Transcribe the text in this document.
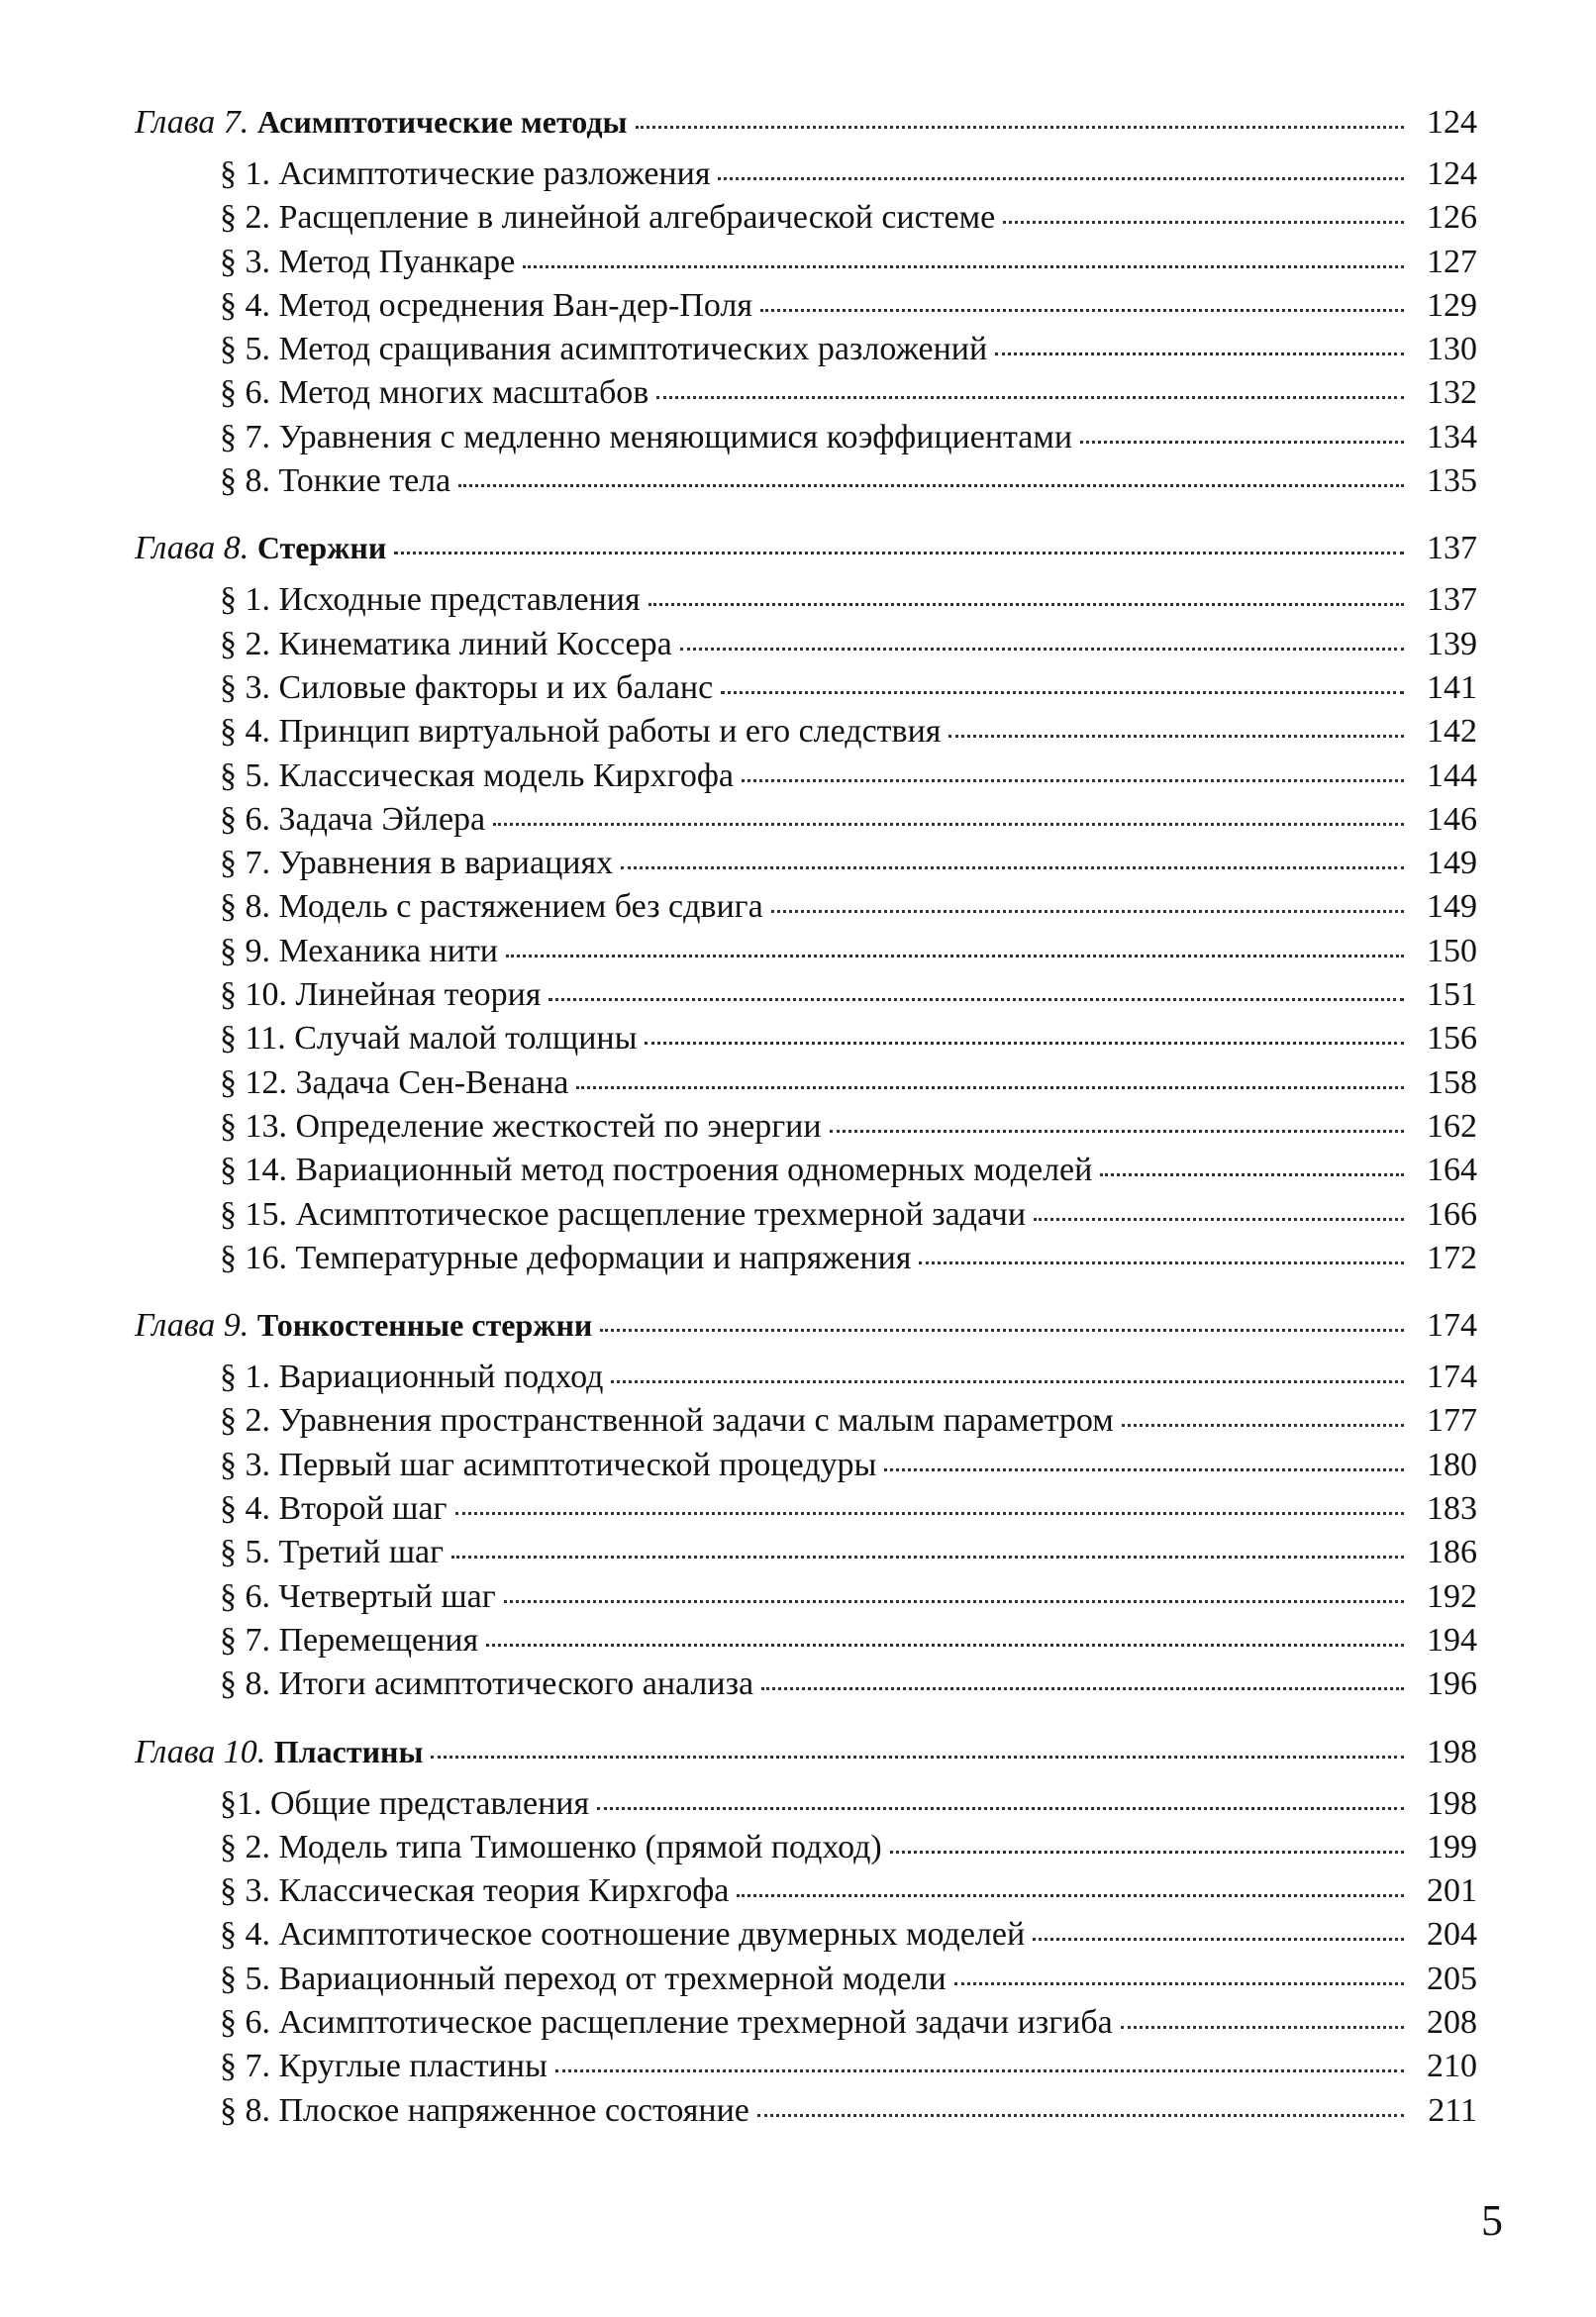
Глава 7. Асимптотические методы	124
§ 1. Асимптотические разложения	124
§ 2. Расщепление в линейной алгебраической системе	126
§ 3. Метод Пуанкаре	127
§ 4. Метод осреднения Ван-дер-Поля	129
§ 5. Метод сращивания асимптотических разложений	130
§ 6. Метод многих масштабов	132
§ 7. Уравнения с медленно меняющимися коэффициентами	134
§ 8. Тонкие тела	135
Глава 8. Стержни	137
§ 1. Исходные представления	137
§ 2. Кинематика линий Коссера	139
§ 3. Силовые факторы и их баланс	141
§ 4. Принцип виртуальной работы и его следствия	142
§ 5. Классическая модель Кирхгофа	144
§ 6. Задача Эйлера	146
§ 7. Уравнения в вариациях	149
§ 8. Модель с растяжением без сдвига	149
§ 9. Механика нити	150
§ 10. Линейная теория	151
§ 11. Случай малой толщины	156
§ 12. Задача Сен-Венана	158
§ 13. Определение жесткостей по энергии	162
§ 14. Вариационный метод построения одномерных моделей	164
§ 15. Асимптотическое расщепление трехмерной задачи	166
§ 16. Температурные деформации и напряжения	172
Глава 9. Тонкостенные стержни	174
§ 1. Вариационный подход	174
§ 2. Уравнения пространственной задачи с малым параметром	177
§ 3. Первый шаг асимптотической процедуры	180
§ 4. Второй шаг	183
§ 5. Третий шаг	186
§ 6. Четвертый шаг	192
§ 7. Перемещения	194
§ 8. Итоги асимптотического анализа	196
Глава 10. Пластины	198
§1. Общие представления	198
§ 2. Модель типа Тимошенко (прямой подход)	199
§ 3. Классическая теория Кирхгофа	201
§ 4. Асимптотическое соотношение двумерных моделей	204
§ 5. Вариационный переход от трехмерной модели	205
§ 6. Асимптотическое расщепление трехмерной задачи изгиба	208
§ 7. Круглые пластины	210
§ 8. Плоское напряженное состояние	211
5
